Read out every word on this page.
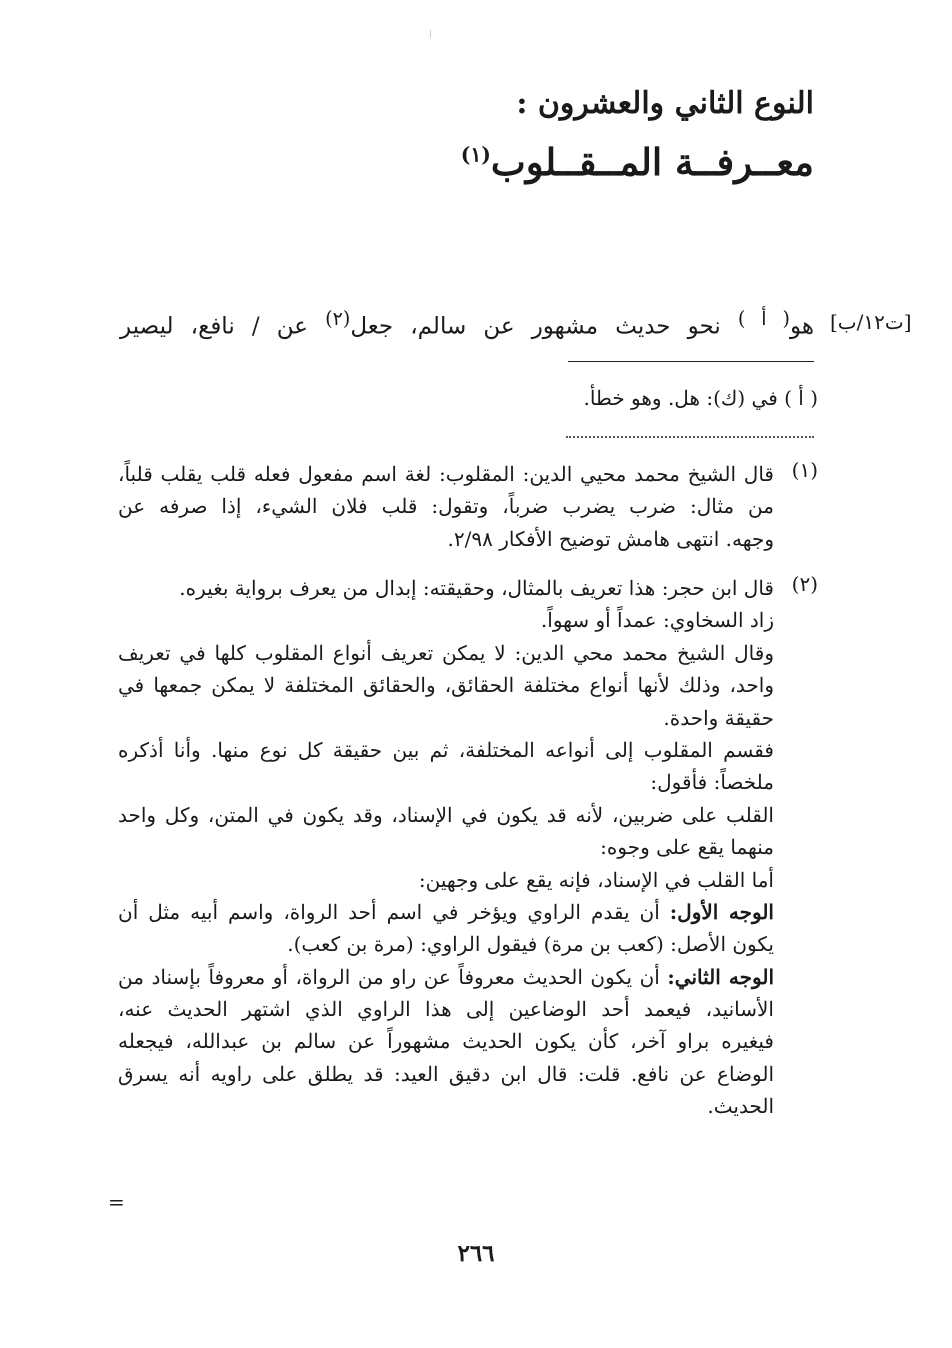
النوع الثاني والعشرون :
معــرفــة المــقــلوب$^{(١)}$
[ت١٢/ب]
هو$^{( أ )}$ نحو حديث مشهور عن سالم، جعل$^{(٢)}$ عن / نافع، ليصير
( أ ) في (ك): هل. وهو خطأ.
(١)
قال الشيخ محمد محيي الدين: المقلوب: لغة اسم مفعول فعله قلب يقلب قلباً،
من مثال: ضرب يضرب ضرباً، وتقول: قلب فلان الشيء، إذا صرفه عن
وجهه. انتهى هامش توضيح الأفكار ٢/٩٨.
(٢)
قال ابن حجر: هذا تعريف بالمثال، وحقيقته: إبدال من يعرف برواية بغيره.
زاد السخاوي: عمداً أو سهواً.
وقال الشيخ محمد محي الدين: لا يمكن تعريف أنواع المقلوب كلها في تعريف
واحد، وذلك لأنها أنواع مختلفة الحقائق، والحقائق المختلفة لا يمكن جمعها في
حقيقة واحدة.
فقسم المقلوب إلى أنواعه المختلفة، ثم بين حقيقة كل نوع منها. وأنا أذكره
ملخصاً: فأقول:
القلب على ضربين، لأنه قد يكون في الإسناد، وقد يكون في المتن، وكل واحد
منهما يقع على وجوه:
أما القلب في الإسناد، فإنه يقع على وجهين:
الوجه الأول: أن يقدم الراوي ويؤخر في اسم أحد الرواة، واسم أبيه مثل أن
يكون الأصل: (كعب بن مرة) فيقول الراوي: (مرة بن كعب).
الوجه الثاني: أن يكون الحديث معروفاً عن راو من الرواة، أو معروفاً بإسناد من
الأسانيد، فيعمد أحد الوضاعين إلى هذا الراوي الذي اشتهر الحديث عنه،
فيغيره براو آخر، كأن يكون الحديث مشهوراً عن سالم بن عبدالله، فيجعله
الوضاع عن نافع. قلت: قال ابن دقيق العيد: قد يطلق على راويه أنه يسرق
الحديث.
=
٢٦٦
